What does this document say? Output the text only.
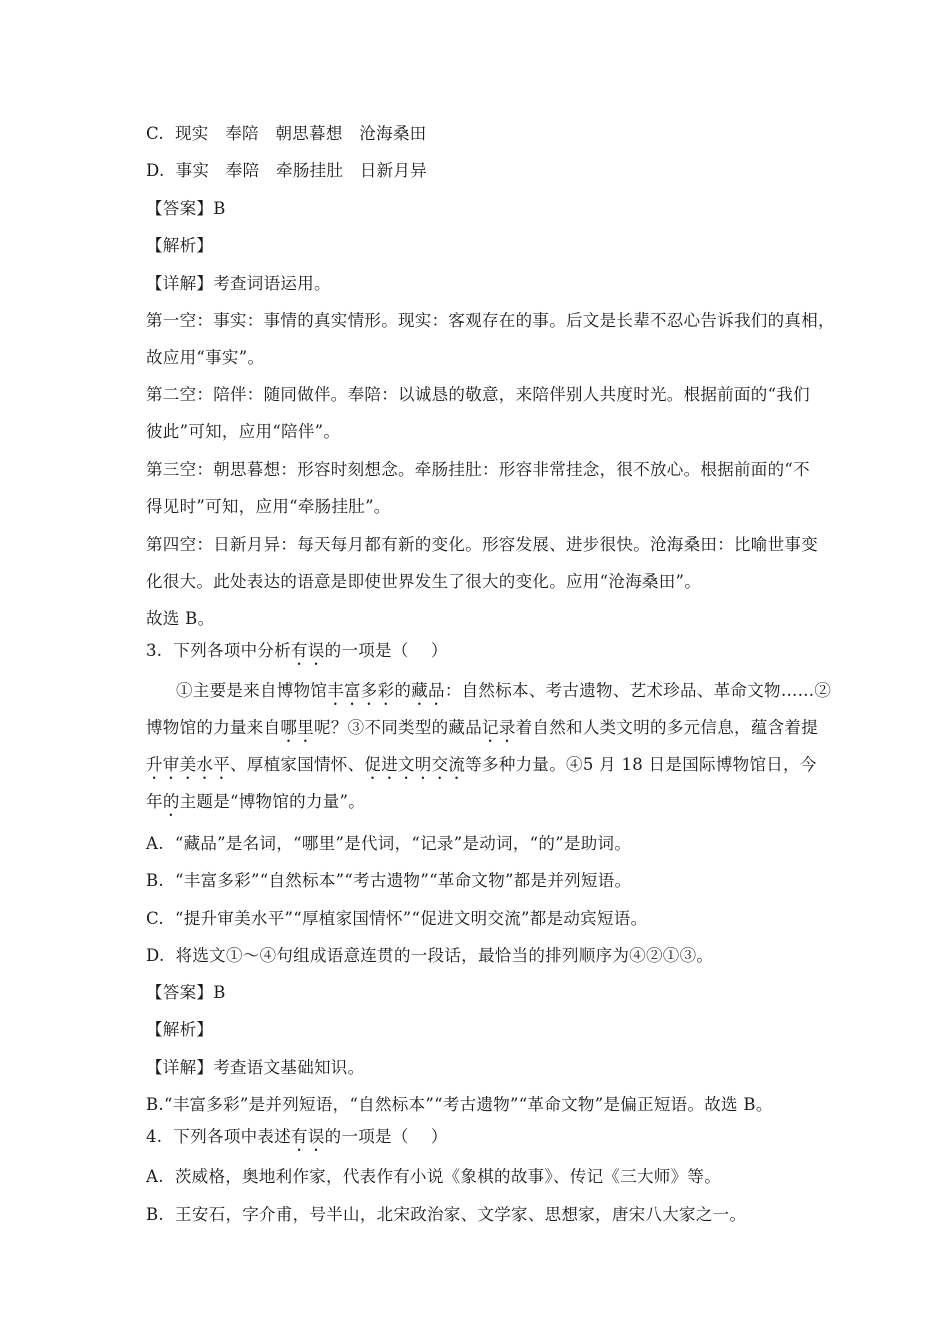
C.  现实   奉陪   朝思暮想   沧海桑田
D.  事实   奉陪   牵肠挂肚   日新月异
【答案】B
【解析】
【详解】考查词语运用。
第一空：事实：事情的真实情形。现实：客观存在的事。后文是长辈不忍心告诉我们的真相，
故应用“事实”。
第二空：陪伴：随同做伴。奉陪：以诚恳的敬意，来陪伴别人共度时光。根据前面的“我们
彼此”可知，应用“陪伴”。
第三空：朝思暮想：形容时刻想念。牵肠挂肚：形容非常挂念，很不放心。根据前面的“不
得见时”可知，应用“牵肠挂肚”。
第四空：日新月异：每天每月都有新的变化。形容发展、进步很快。沧海桑田：比喻世事变
化很大。此处表达的语意是即使世界发生了很大的变化。应用“沧海桑田”。
故选 B。
3.  下列各项中分析有误的一项是（    ）
①主要是来自博物馆丰富多彩的藏品：自然标本、考古遗物、艺术珍品、革命文物……②
博物馆的力量来自哪里呢？③不同类型的藏品记录着自然和人类文明的多元信息，蕴含着提
升审美水平、厚植家国情怀、促进文明交流等多种力量。④5 月 18 日是国际博物馆日，今
年的主题是“博物馆的力量”。
A.  “藏品”是名词，“哪里”是代词，“记录”是动词，“的”是助词。
B.  “丰富多彩”“自然标本”“考古遗物”“革命文物”都是并列短语。
C.  “提升审美水平”“厚植家国情怀”“促进文明交流”都是动宾短语。
D.  将选文①～④句组成语意连贯的一段话，最恰当的排列顺序为④②①③。
【答案】B
【解析】
【详解】考查语文基础知识。
B.“丰富多彩”是并列短语，“自然标本”“考古遗物”“革命文物”是偏正短语。故选 B。
4.  下列各项中表述有误的一项是（    ）
A.  茨威格，奥地利作家，代表作有小说《象棋的故事》、传记《三大师》等。
B.  王安石，字介甫，号半山，北宋政治家、文学家、思想家，唐宋八大家之一。
